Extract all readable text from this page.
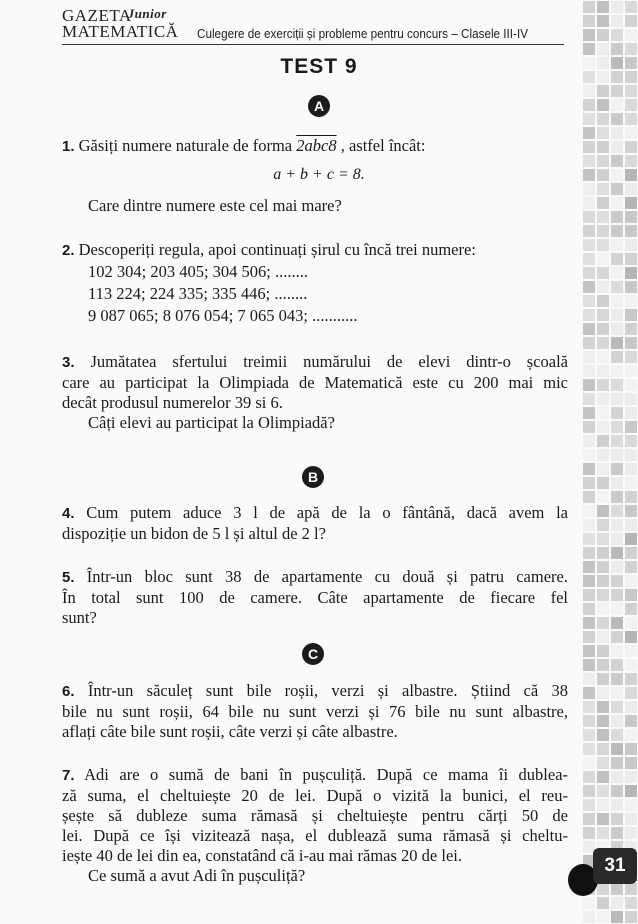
GAZETAJunior
MATEMATICĂ Culegere de exerciții și probleme pentru concurs – Clasele III-IV
TEST 9
A
1. Găsiți numere naturale de forma 2abc8 , astfel încât:
a + b + c = 8.
Care dintre numere este cel mai mare?
2. Descoperiți regula, apoi continuați șirul cu încă trei numere:
102 304; 203 405; 304 506; ........
113 224; 224 335; 335 446; ........
9 087 065; 8 076 054; 7 065 043; ...........
3. Jumătatea sfertului treimii numărului de elevi dintr-o școală
care au participat la Olimpiada de Matematică este cu 200 mai mic
decât produsul numerelor 39 si 6.
Câți elevi au participat la Olimpiadă?
B
4. Cum putem aduce 3 l de apă de la o fântână, dacă avem la
dispoziție un bidon de 5 l și altul de 2 l?
5. Într-un bloc sunt 38 de apartamente cu două și patru camere.
În total sunt 100 de camere. Câte apartamente de fiecare fel
sunt?
C
6. Într-un săculeț sunt bile roșii, verzi și albastre. Știind că 38
bile nu sunt roșii, 64 bile nu sunt verzi și 76 bile nu sunt albastre,
aflați câte bile sunt roșii, câte verzi și câte albastre.
7. Adi are o sumă de bani în pușculiță. După ce mama îi dublea-
ză suma, el cheltuiește 20 de lei. După o vizită la bunici, el reu-
șește să dubleze suma rămasă și cheltuiește pentru cărți 50 de
lei. După ce își vizitează nașa, el dublează suma rămasă și cheltu-
iește 40 de lei din ea, constatând că i-au mai rămas 20 de lei.
Ce sumă a avut Adi în pușculiță?	31
